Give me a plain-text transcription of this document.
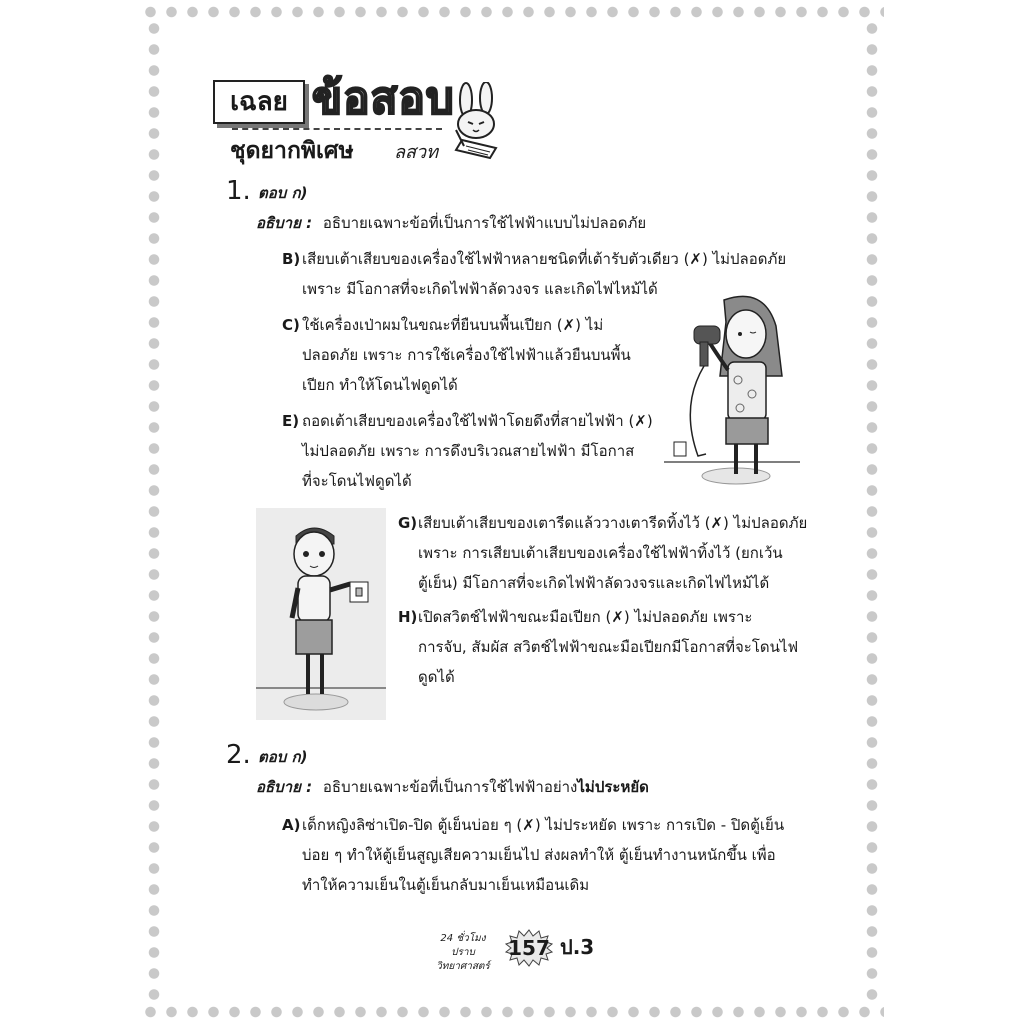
เฉลย ข้อสอบ
ชุดยากพิเศษ ลสวท
1. ตอบ ก)
อธิบาย : อธิบายเฉพาะข้อที่เป็นการใช้ไฟฟ้าแบบไม่ปลอดภัย
B) เสียบเต้าเสียบของเครื่องใช้ไฟฟ้าหลายชนิดที่เต้ารับตัวเดียว (✗) ไม่ปลอดภัย
เพราะ มีโอกาสที่จะเกิดไฟฟ้าลัดวงจร และเกิดไฟไหม้ได้
C) ใช้เครื่องเป่าผมในขณะที่ยืนบนพื้นเปียก (✗) ไม่
ปลอดภัย เพราะ การใช้เครื่องใช้ไฟฟ้าแล้วยืนบนพื้น
เปียก ทำให้โดนไฟดูดได้
E) ถอดเต้าเสียบของเครื่องใช้ไฟฟ้าโดยดึงที่สายไฟฟ้า (✗)
ไม่ปลอดภัย เพราะ การดึงบริเวณสายไฟฟ้า มีโอกาส
ที่จะโดนไฟดูดได้
G) เสียบเต้าเสียบของเตารีดแล้ววางเตารีดทิ้งไว้ (✗) ไม่ปลอดภัย
เพราะ การเสียบเต้าเสียบของเครื่องใช้ไฟฟ้าทิ้งไว้ (ยกเว้น
ตู้เย็น) มีโอกาสที่จะเกิดไฟฟ้าลัดวงจรและเกิดไฟไหม้ได้
H) เปิดสวิตช์ไฟฟ้าขณะมือเปียก (✗) ไม่ปลอดภัย เพราะ
การจับ, สัมผัส สวิตช์ไฟฟ้าขณะมือเปียกมีโอกาสที่จะโดนไฟ
ดูดได้
2. ตอบ ก)
อธิบาย : อธิบายเฉพาะข้อที่เป็นการใช้ไฟฟ้าอย่างไม่ประหยัด
A) เด็กหญิงลิซ่าเปิด-ปิด ตู้เย็นบ่อย ๆ (✗) ไม่ประหยัด เพราะ การเปิด - ปิดตู้เย็น
บ่อย ๆ ทำให้ตู้เย็นสูญเสียความเย็นไป ส่งผลทำให้ ตู้เย็นทำงานหนักขึ้น เพื่อ
ทำให้ความเย็นในตู้เย็นกลับมาเย็นเหมือนเดิม
24 ชั่วโมง
ปราบ
วิทยาศาสตร์
157 ป.3
